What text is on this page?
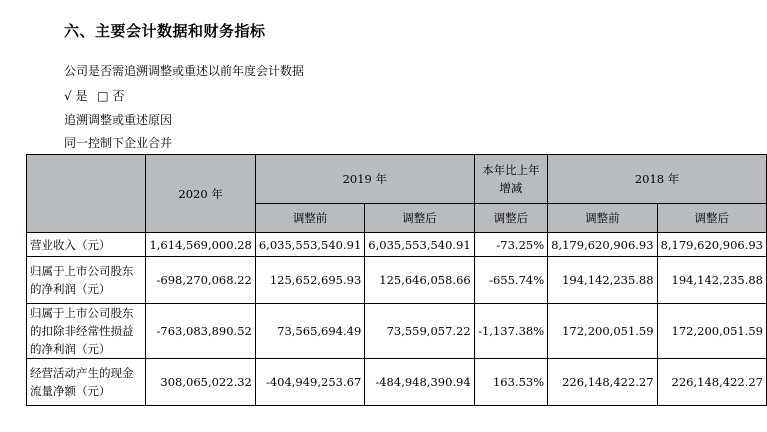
六、主要会计数据和财务指标
公司是否需追溯调整或重述以前年度会计数据
√ 是 □ 否
追溯调整或重述原因
同一控制下企业合并
	2020 年	2019 年		本年比上年增减	2018 年	
		调整前	调整后	调整后	调整前	调整后
营业收入（元）	1,614,569,000.28	6,035,553,540.91	6,035,553,540.91	-73.25%	8,179,620,906.93	8,179,620,906.93
归属于上市公司股东的净利润（元）	-698,270,068.22	125,652,695.93	125,646,058.66	-655.74%	194,142,235.88	194,142,235.88
归属于上市公司股东的扣除非经常性损益的净利润（元）	-763,083,890.52	73,565,694.49	73,559,057.22	-1,137.38%	172,200,051.59	172,200,051.59
经营活动产生的现金流量净额（元）	308,065,022.32	-404,949,253.67	-484,948,390.94	163.53%	226,148,422.27	226,148,422.27
